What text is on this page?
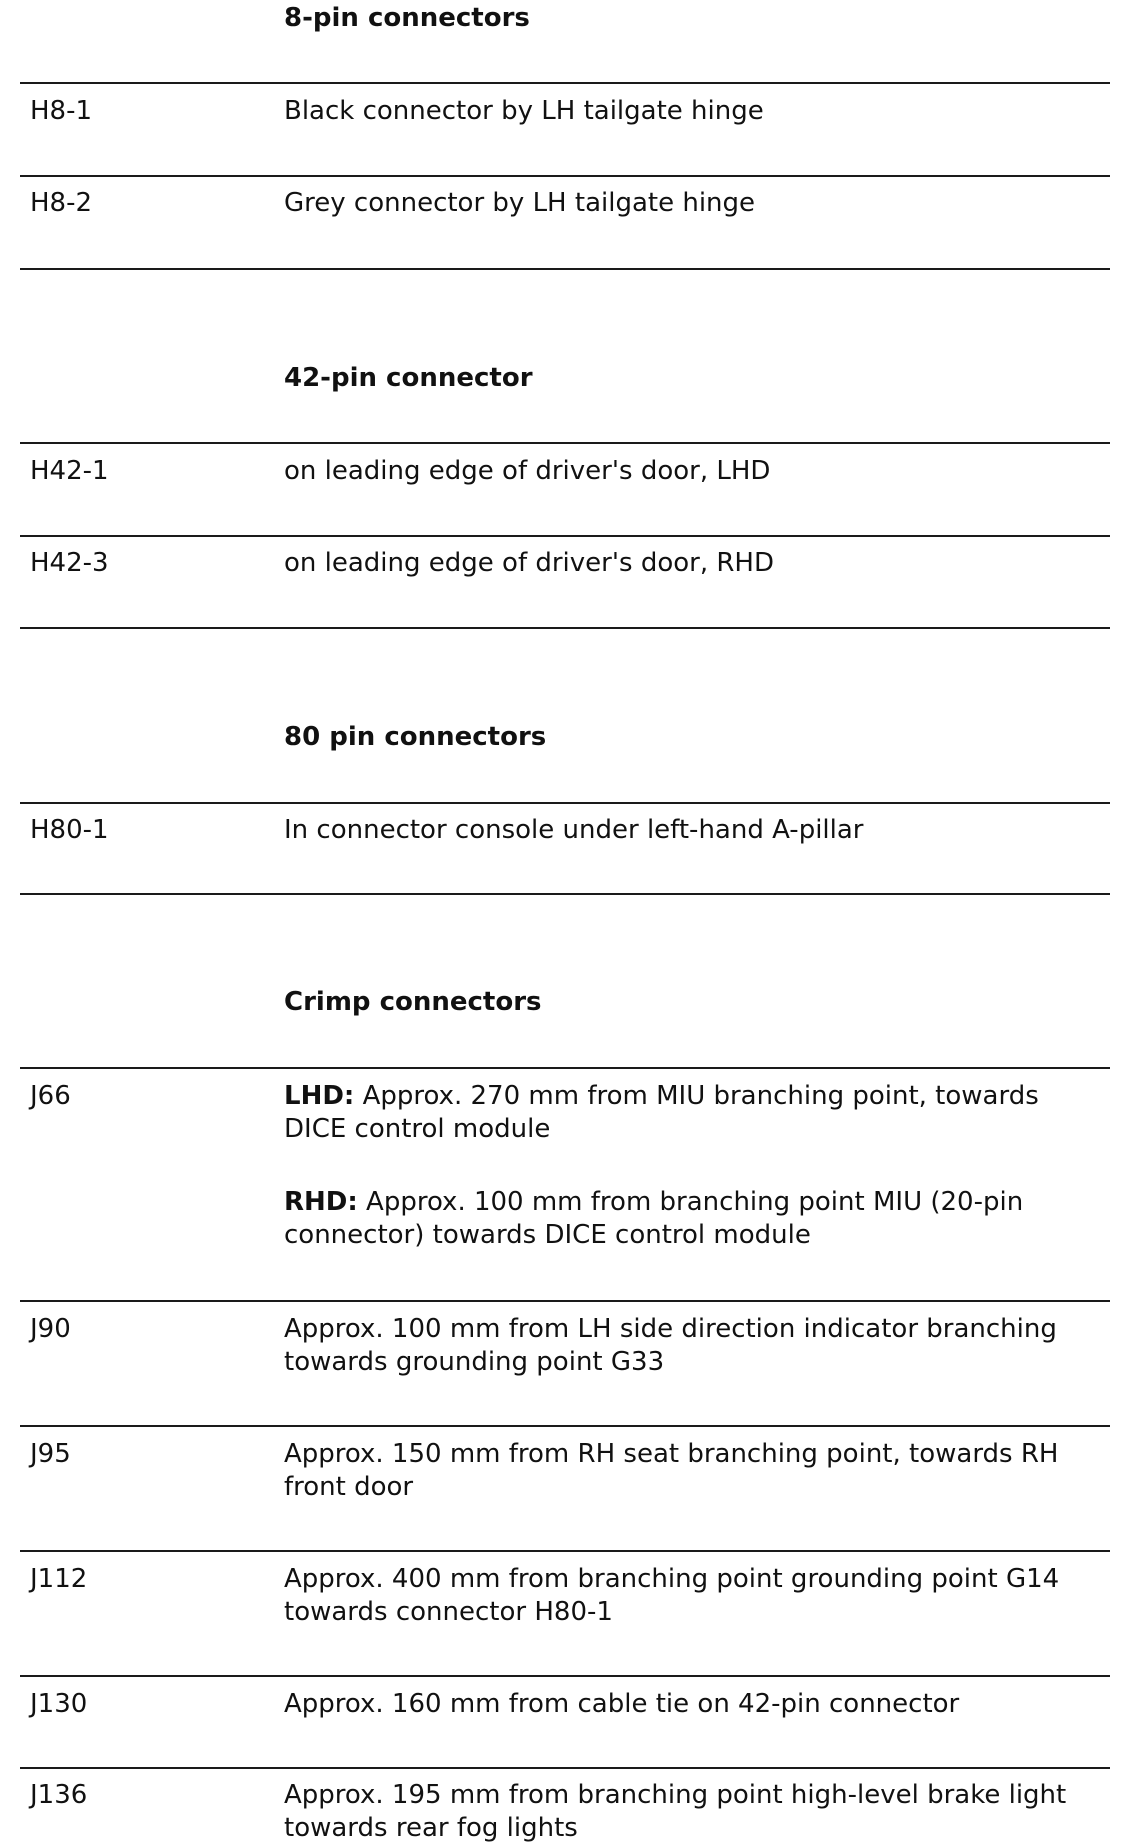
8-pin connectors
H8-1	Black connector by LH tailgate hinge
H8-2	Grey connector by LH tailgate hinge
42-pin connector
H42-1	on leading edge of driver's door, LHD
H42-3	on leading edge of driver's door, RHD
80 pin connectors
H80-1	In connector console under left-hand A-pillar
Crimp connectors
J66	LHD: Approx. 270 mm from MIU branching point, towards DICE control module

RHD: Approx. 100 mm from branching point MIU (20-pin connector) towards DICE control module

J90	Approx. 100 mm from LH side direction indicator branching towards grounding point G33
J95	Approx. 150 mm from RH seat branching point, towards RH front door
J112	Approx. 400 mm from branching point grounding point G14 towards connector H80-1
J130	Approx. 160 mm from cable tie on 42-pin connector
J136	Approx. 195 mm from branching point high-level brake light towards rear fog lights
